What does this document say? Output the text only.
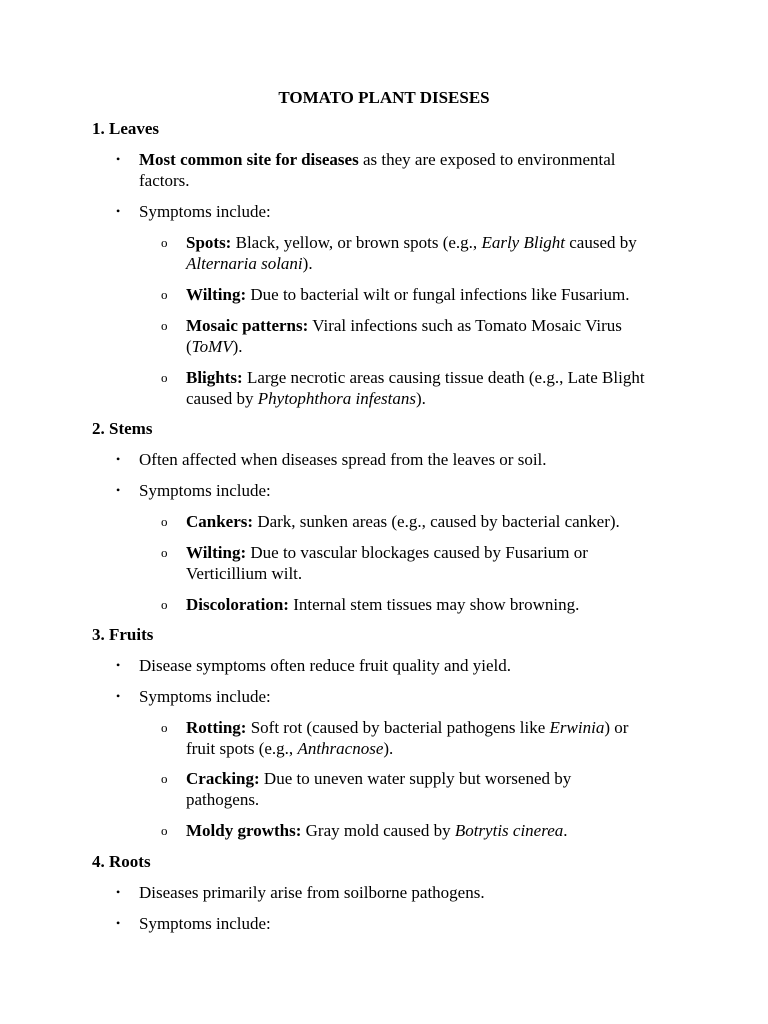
TOMATO PLANT DISESES
1. Leaves
• Most common site for diseases as they are exposed to environmental
factors.
• Symptoms include:
o Spots: Black, yellow, or brown spots (e.g., Early Blight caused by
Alternaria solani).
o Wilting: Due to bacterial wilt or fungal infections like Fusarium.
o Mosaic patterns: Viral infections such as Tomato Mosaic Virus
(ToMV).
o Blights: Large necrotic areas causing tissue death (e.g., Late Blight
caused by Phytophthora infestans).
2. Stems
• Often affected when diseases spread from the leaves or soil.
• Symptoms include:
o Cankers: Dark, sunken areas (e.g., caused by bacterial canker).
o Wilting: Due to vascular blockages caused by Fusarium or
Verticillium wilt.
o Discoloration: Internal stem tissues may show browning.
3. Fruits
• Disease symptoms often reduce fruit quality and yield.
• Symptoms include:
o Rotting: Soft rot (caused by bacterial pathogens like Erwinia) or
fruit spots (e.g., Anthracnose).
o Cracking: Due to uneven water supply but worsened by
pathogens.
o Moldy growths: Gray mold caused by Botrytis cinerea.
4. Roots
• Diseases primarily arise from soilborne pathogens.
• Symptoms include:
